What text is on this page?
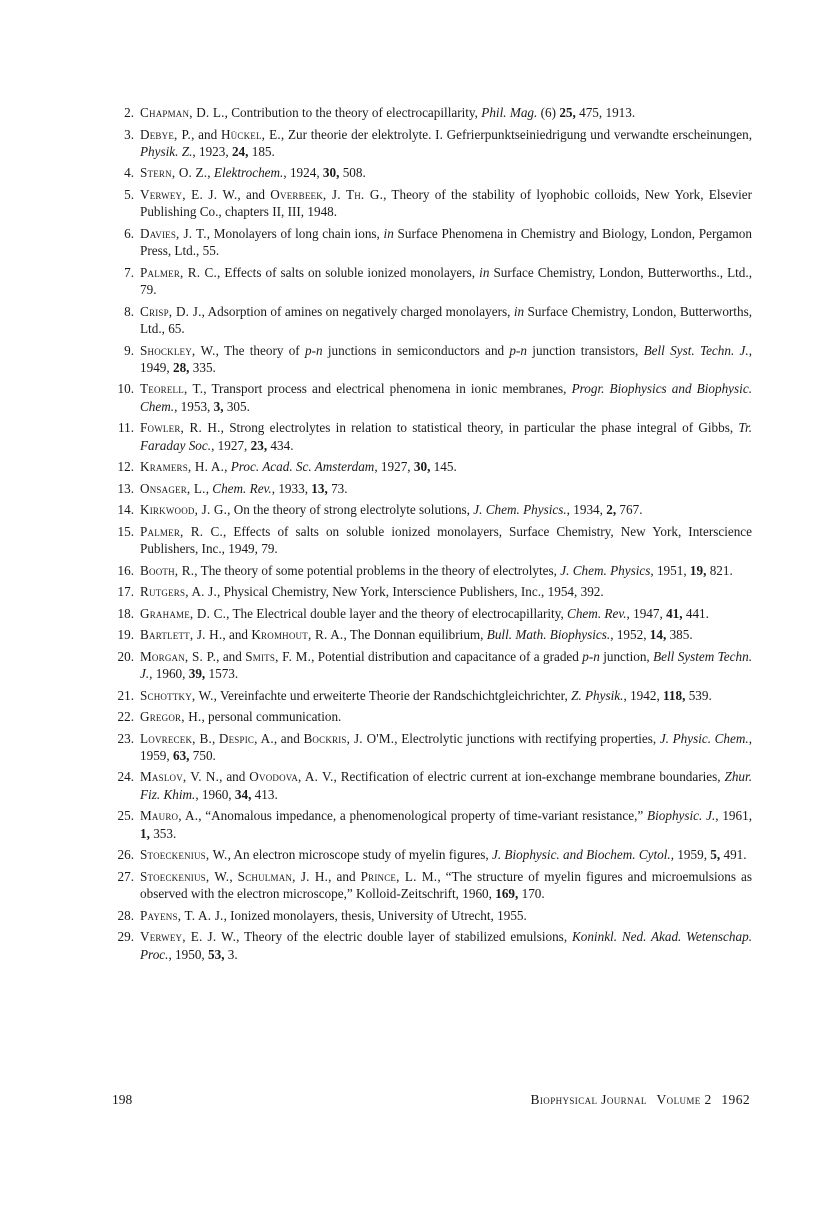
2. Chapman, D. L., Contribution to the theory of electrocapillarity, Phil. Mag. (6) 25, 475, 1913.
3. Debye, P., and Hückel, E., Zur theorie der elektrolyte. I. Gefrierpunktseiniedrigung und verwandte erscheinungen, Physik. Z., 1923, 24, 185.
4. Stern, O. Z., Elektrochem., 1924, 30, 508.
5. Verwey, E. J. W., and Overbeek, J. Th. G., Theory of the stability of lyophobic colloids, New York, Elsevier Publishing Co., chapters II, III, 1948.
6. Davies, J. T., Monolayers of long chain ions, in Surface Phenomena in Chemistry and Biology, London, Pergamon Press, Ltd., 55.
7. Palmer, R. C., Effects of salts on soluble ionized monolayers, in Surface Chemistry, London, Butterworths., Ltd., 79.
8. Crisp, D. J., Adsorption of amines on negatively charged monolayers, in Surface Chemistry, London, Butterworths, Ltd., 65.
9. Shockley, W., The theory of p-n junctions in semiconductors and p-n junction transistors, Bell Syst. Techn. J., 1949, 28, 335.
10. Teorell, T., Transport process and electrical phenomena in ionic membranes, Progr. Biophysics and Biophysic. Chem., 1953, 3, 305.
11. Fowler, R. H., Strong electrolytes in relation to statistical theory, in particular the phase integral of Gibbs, Tr. Faraday Soc., 1927, 23, 434.
12. Kramers, H. A., Proc. Acad. Sc. Amsterdam, 1927, 30, 145.
13. Onsager, L., Chem. Rev., 1933, 13, 73.
14. Kirkwood, J. G., On the theory of strong electrolyte solutions, J. Chem. Physics., 1934, 2, 767.
15. Palmer, R. C., Effects of salts on soluble ionized monolayers, Surface Chemistry, New York, Interscience Publishers, Inc., 1949, 79.
16. Booth, R., The theory of some potential problems in the theory of electrolytes, J. Chem. Physics, 1951, 19, 821.
17. Rutgers, A. J., Physical Chemistry, New York, Interscience Publishers, Inc., 1954, 392.
18. Grahame, D. C., The Electrical double layer and the theory of electrocapillarity, Chem. Rev., 1947, 41, 441.
19. Bartlett, J. H., and Kromhout, R. A., The Donnan equilibrium, Bull. Math. Biophysics., 1952, 14, 385.
20. Morgan, S. P., and Smits, F. M., Potential distribution and capacitance of a graded p-n junction, Bell System Techn. J., 1960, 39, 1573.
21. Schottky, W., Vereinfachte und erweiterte Theorie der Randschichtgleichrichter, Z. Physik., 1942, 118, 539.
22. Gregor, H., personal communication.
23. Lovrecek, B., Despic, A., and Bockris, J. O'M., Electrolytic junctions with rectifying properties, J. Physic. Chem., 1959, 63, 750.
24. Maslov, V. N., and Ovodova, A. V., Rectification of electric current at ion-exchange membrane boundaries, Zhur. Fiz. Khim., 1960, 34, 413.
25. Mauro, A., “Anomalous impedance, a phenomenological property of time-variant resistance,” Biophysic. J., 1961, 1, 353.
26. Stoeckenius, W., An electron microscope study of myelin figures, J. Biophysic. and Biochem. Cytol., 1959, 5, 491.
27. Stoeckenius, W., Schulman, J. H., and Prince, L. M., “The structure of myelin figures and microemulsions as observed with the electron microscope,” Kolloid-Zeitschrift, 1960, 169, 170.
28. Payens, T. A. J., Ionized monolayers, thesis, University of Utrecht, 1955.
29. Verwey, E. J. W., Theory of the electric double layer of stabilized emulsions, Koninkl. Ned. Akad. Wetenschap. Proc., 1950, 53, 3.
198	Biophysical Journal Volume 2 1962
